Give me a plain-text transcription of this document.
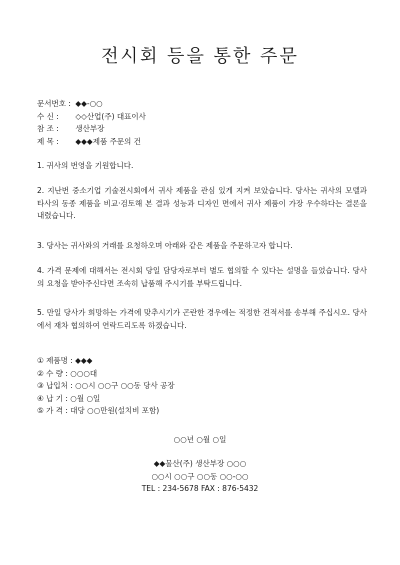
전시회 등을 통한 주문
문서번호 : ◆◆-○○
수 신 : ◇◇산업(주) 대표이사
참 조 : 생산부장
제 목 : ◆◆◆제품 주문의 건
1. 귀사의 번영을 기원합니다.
2. 지난번 중소기업 기술전시회에서 귀사 제품을 관심 있게 지켜 보았습니다. 당사는 귀사의 모델과 타사의 동종 제품을 비교·검토해 본 결과 성능과 디자인 면에서 귀사 제품이 가장 우수하다는 결론을 내렸습니다.
3. 당사는 귀사와의 거래를 요청하오며 아래와 같은 제품을 주문하고자 합니다.
4. 가격 문제에 대해서는 전시회 당일 담당자로부터 별도 협의할 수 있다는 설명을 들었습니다. 당사의 요청을 받아주신다면 조속히 납품해 주시기를 부탁드립니다.
5. 만일 당사가 희망하는 가격에 맞추시기가 곤란한 경우에는 적정한 견적서를 송부해 주십시오. 당사에서 재차 협의하여 연락드리도록 하겠습니다.
① 제품명 : ◆◆◆
② 수 량 : ○○○대
③ 납입처 : ○○시 ○○구 ○○동 당사 공장
④ 납 기 : ○월 ○일
⑤ 가 격 : 대당 ○○만원(설치비 포함)
○○년 ○월 ○일
◆◆물산(주) 생산부장 ○○○
○○시 ○○구 ○○동 ○○-○○
TEL : 234-5678 FAX : 876-5432
